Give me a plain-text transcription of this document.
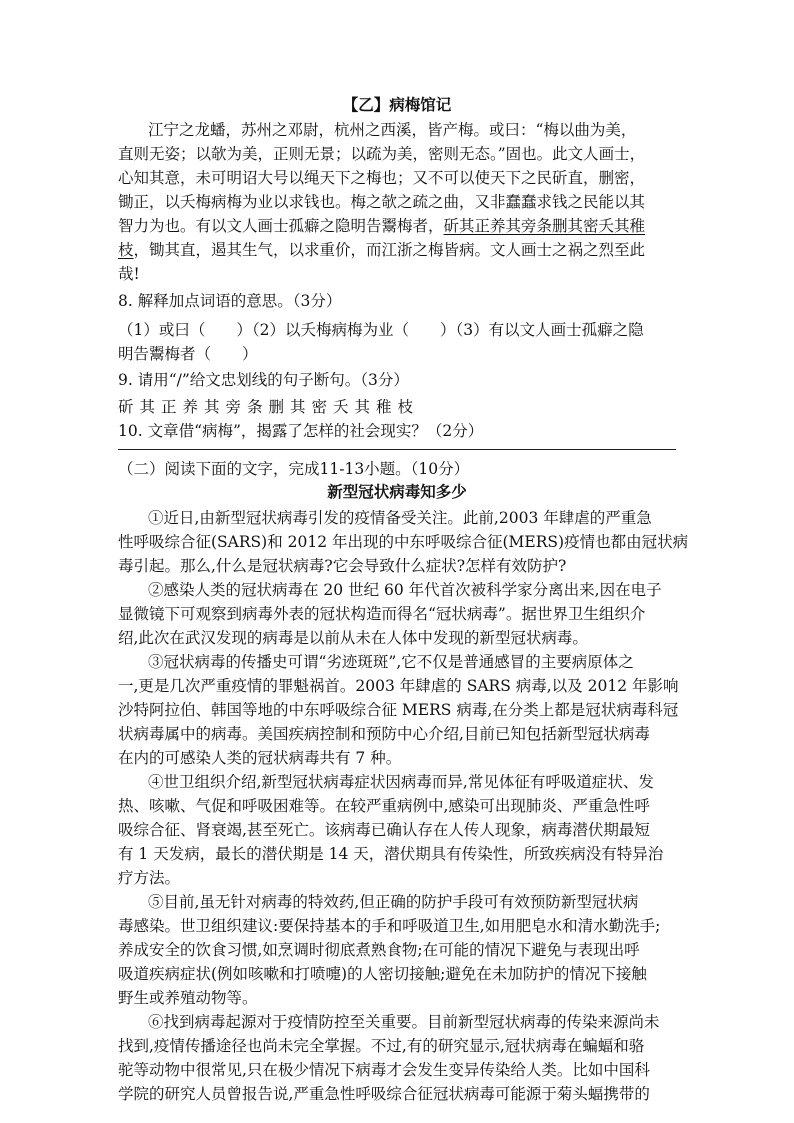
【乙】病梅馆记
江宁之龙蟠，苏州之邓尉，杭州之西溪，皆产梅。或曰：“梅以曲为美，
直则无姿；以欹为美，正则无景；以疏为美，密则无态。”固也。此文人画士，
心知其意，未可明诏大号以绳天下之梅也；又不可以使天下之民斫直，删密，
锄正，以夭梅病梅为业以求钱也。梅之欹之疏之曲，又非蠢蠢求钱之民能以其
智力为也。有以文人画士孤癖之隐明告鬻梅者，斫其正养其旁条删其密夭其稚
枝，锄其直，遏其生气，以求重价，而江浙之梅皆病。文人画士之祸之烈至此
哉!
8. 解释加点词语的意思。（3分）
（1）或曰（　　）（2）以夭梅病梅为业（　　）（3）有以文人画士孤癖之隐
明告鬻梅者（　　）
9. 请用“/”给文忠划线的句子断句。（3分）
斫其正养其旁条删其密夭其稚枝
10. 文章借“病梅”，揭露了怎样的社会现实？（2分）
（二）阅读下面的文字，完成11-13小题。（10分）
新型冠状病毒知多少
①近日,由新型冠状病毒引发的疫情备受关注。此前,2003 年肆虐的严重急
性呼吸综合征(SARS)和 2012 年出现的中东呼吸综合征(MERS)疫情也都由冠状病
毒引起。那么,什么是冠状病毒?它会导致什么症状?怎样有效防护?
②感染人类的冠状病毒在 20 世纪 60 年代首次被科学家分离出来,因在电子
显微镜下可观察到病毒外表的冠状构造而得名“冠状病毒”。据世界卫生组织介
绍,此次在武汉发现的病毒是以前从未在人体中发现的新型冠状病毒。
③冠状病毒的传播史可谓“劣迹斑斑”,它不仅是普通感冒的主要病原体之
一,更是几次严重疫情的罪魁祸首。2003 年肆虐的 SARS 病毒,以及 2012 年影响
沙特阿拉伯、韩国等地的中东呼吸综合征 MERS 病毒,在分类上都是冠状病毒科冠
状病毒属中的病毒。美国疾病控制和预防中心介绍,目前已知包括新型冠状病毒
在内的可感染人类的冠状病毒共有 7 种。
④世卫组织介绍,新型冠状病毒症状因病毒而异,常见体征有呼吸道症状、发
热、咳嗽、气促和呼吸困难等。在较严重病例中,感染可出现肺炎、严重急性呼
吸综合征、肾衰竭,甚至死亡。该病毒已确认存在人传人现象，病毒潜伏期最短
有 1 天发病，最长的潜伏期是 14 天，潜伏期具有传染性，所致疾病没有特异治
疗方法。
⑤目前,虽无针对病毒的特效药,但正确的防护手段可有效预防新型冠状病
毒感染。世卫组织建议:要保持基本的手和呼吸道卫生,如用肥皂水和清水勤洗手;
养成安全的饮食习惯,如烹调时彻底煮熟食物;在可能的情况下避免与表现出呼
吸道疾病症状(例如咳嗽和打喷嚏)的人密切接触;避免在未加防护的情况下接触
野生或养殖动物等。
⑥找到病毒起源对于疫情防控至关重要。目前新型冠状病毒的传染来源尚未
找到,疫情传播途径也尚未完全掌握。不过,有的研究显示,冠状病毒在蝙蝠和骆
驼等动物中很常见,只在极少情况下病毒才会发生变异传染给人类。比如中国科
学院的研究人员曾报告说,严重急性呼吸综合征冠状病毒可能源于菊头蝠携带的
